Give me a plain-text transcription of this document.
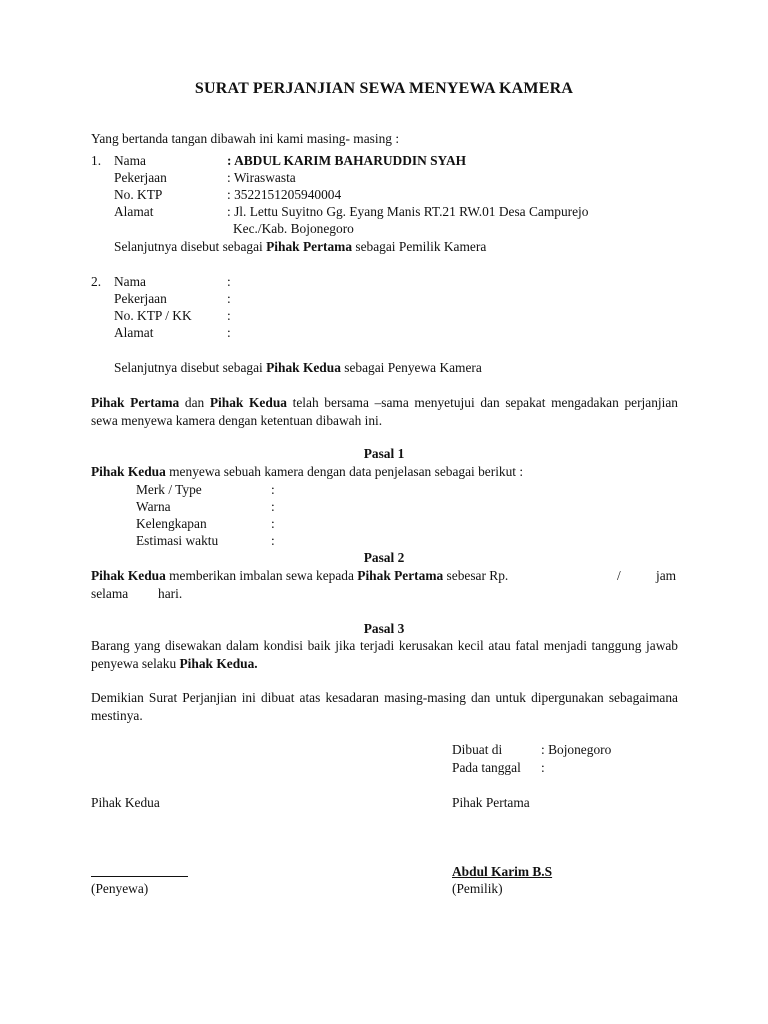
SURAT PERJANJIAN SEWA MENYEWA KAMERA
Yang bertanda tangan dibawah ini kami masing- masing :
1. Nama	: ABDUL KARIM BAHARUDDIN SYAH
Pekerjaan	: Wiraswasta
No. KTP	: 3522151205940004
Alamat	: Jl. Lettu Suyitno Gg. Eyang Manis RT.21 RW.01 Desa Campurejo
Kec./Kab. Bojonegoro
Selanjutnya disebut sebagai Pihak Pertama sebagai Pemilik Kamera
2. Nama	:
Pekerjaan	:
No. KTP / KK	:
Alamat	:
Selanjutnya disebut sebagai Pihak Kedua sebagai Penyewa Kamera
Pihak Pertama dan Pihak Kedua telah bersama –sama menyetujui dan sepakat mengadakan perjanjian sewa menyewa kamera dengan ketentuan dibawah ini.
Pasal 1
Pihak Kedua menyewa sebuah kamera dengan data penjelasan sebagai berikut :
Merk / Type	:
Warna	:
Kelengkapan	:
Estimasi waktu	:
Pasal 2
Pihak Kedua memberikan imbalan sewa kepada Pihak Pertama sebesar Rp.	/	jam
selama hari.
Pasal 3
Barang yang disewakan dalam kondisi baik jika terjadi kerusakan kecil atau fatal menjadi tanggung jawab penyewa selaku Pihak Kedua.
Demikian Surat Perjanjian ini dibuat atas kesadaran masing-masing dan untuk dipergunakan sebagaimana mestinya.
Dibuat di	: Bojonegoro
Pada tanggal :
Pihak Kedua	Pihak Pertama
Abdul Karim B.S
(Penyewa)	(Pemilik)
